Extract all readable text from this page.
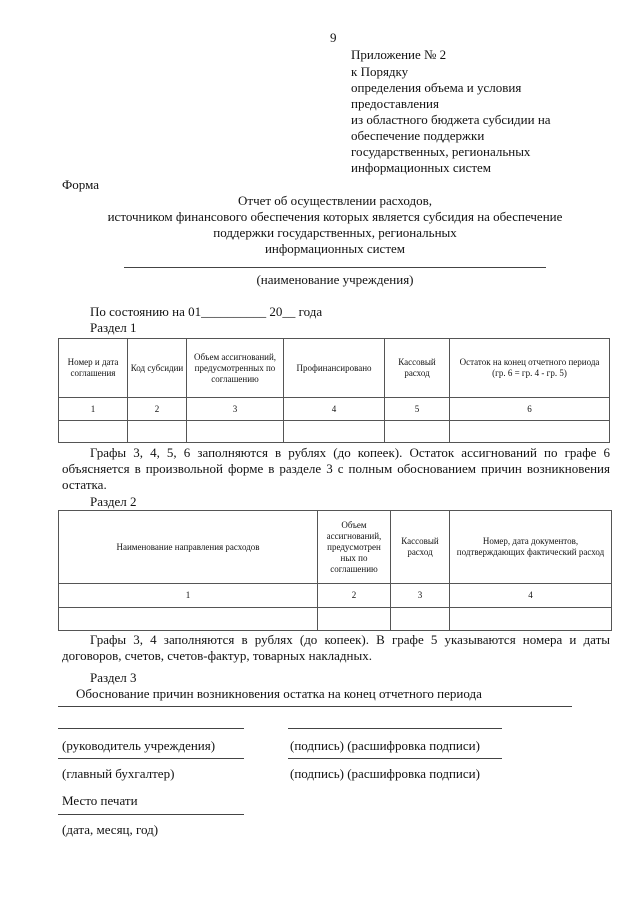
9
Приложение № 2
к Порядку
определения объема и условия
предоставления
из областного бюджета субсидии на
обеспечение поддержки
государственных, региональных
информационных систем
Форма
Отчет об осуществлении расходов,
источником финансового обеспечения которых является субсидия на обеспечение
поддержки государственных, региональных
информационных систем
(наименование учреждения)
По состоянию на 01__________ 20__ года
Раздел 1
Номер и дата соглашения	Код субсидии	Объем ассигнований, предусмотренных по соглашению	Профинансировано	Кассовый расход	Остаток на конец отчетного периода (гр. 6 = гр. 4 - гр. 5)
1	2	3	4	5	6

Графы 3, 4, 5, 6 заполняются в рублях (до копеек). Остаток ассигнований по графе 6 объясняется в произвольной форме в разделе 3 с полным обоснованием причин возникновения остатка.
Раздел 2
Наименование направления расходов	Объем ассигнований, предусмотрен ных по соглашению	Кассовый расход	Номер, дата документов, подтверждающих фактический расход
1	2	3	4

Графы 3, 4 заполняются в рублях (до копеек). В графе 5 указываются номера и даты договоров, счетов, счетов-фактур, товарных накладных.
Раздел 3
Обоснование причин возникновения остатка на конец отчетного периода
(руководитель учреждения)	(подпись) (расшифровка подписи)
(главный бухгалтер)	(подпись) (расшифровка подписи)
Место печати
(дата, месяц, год)
